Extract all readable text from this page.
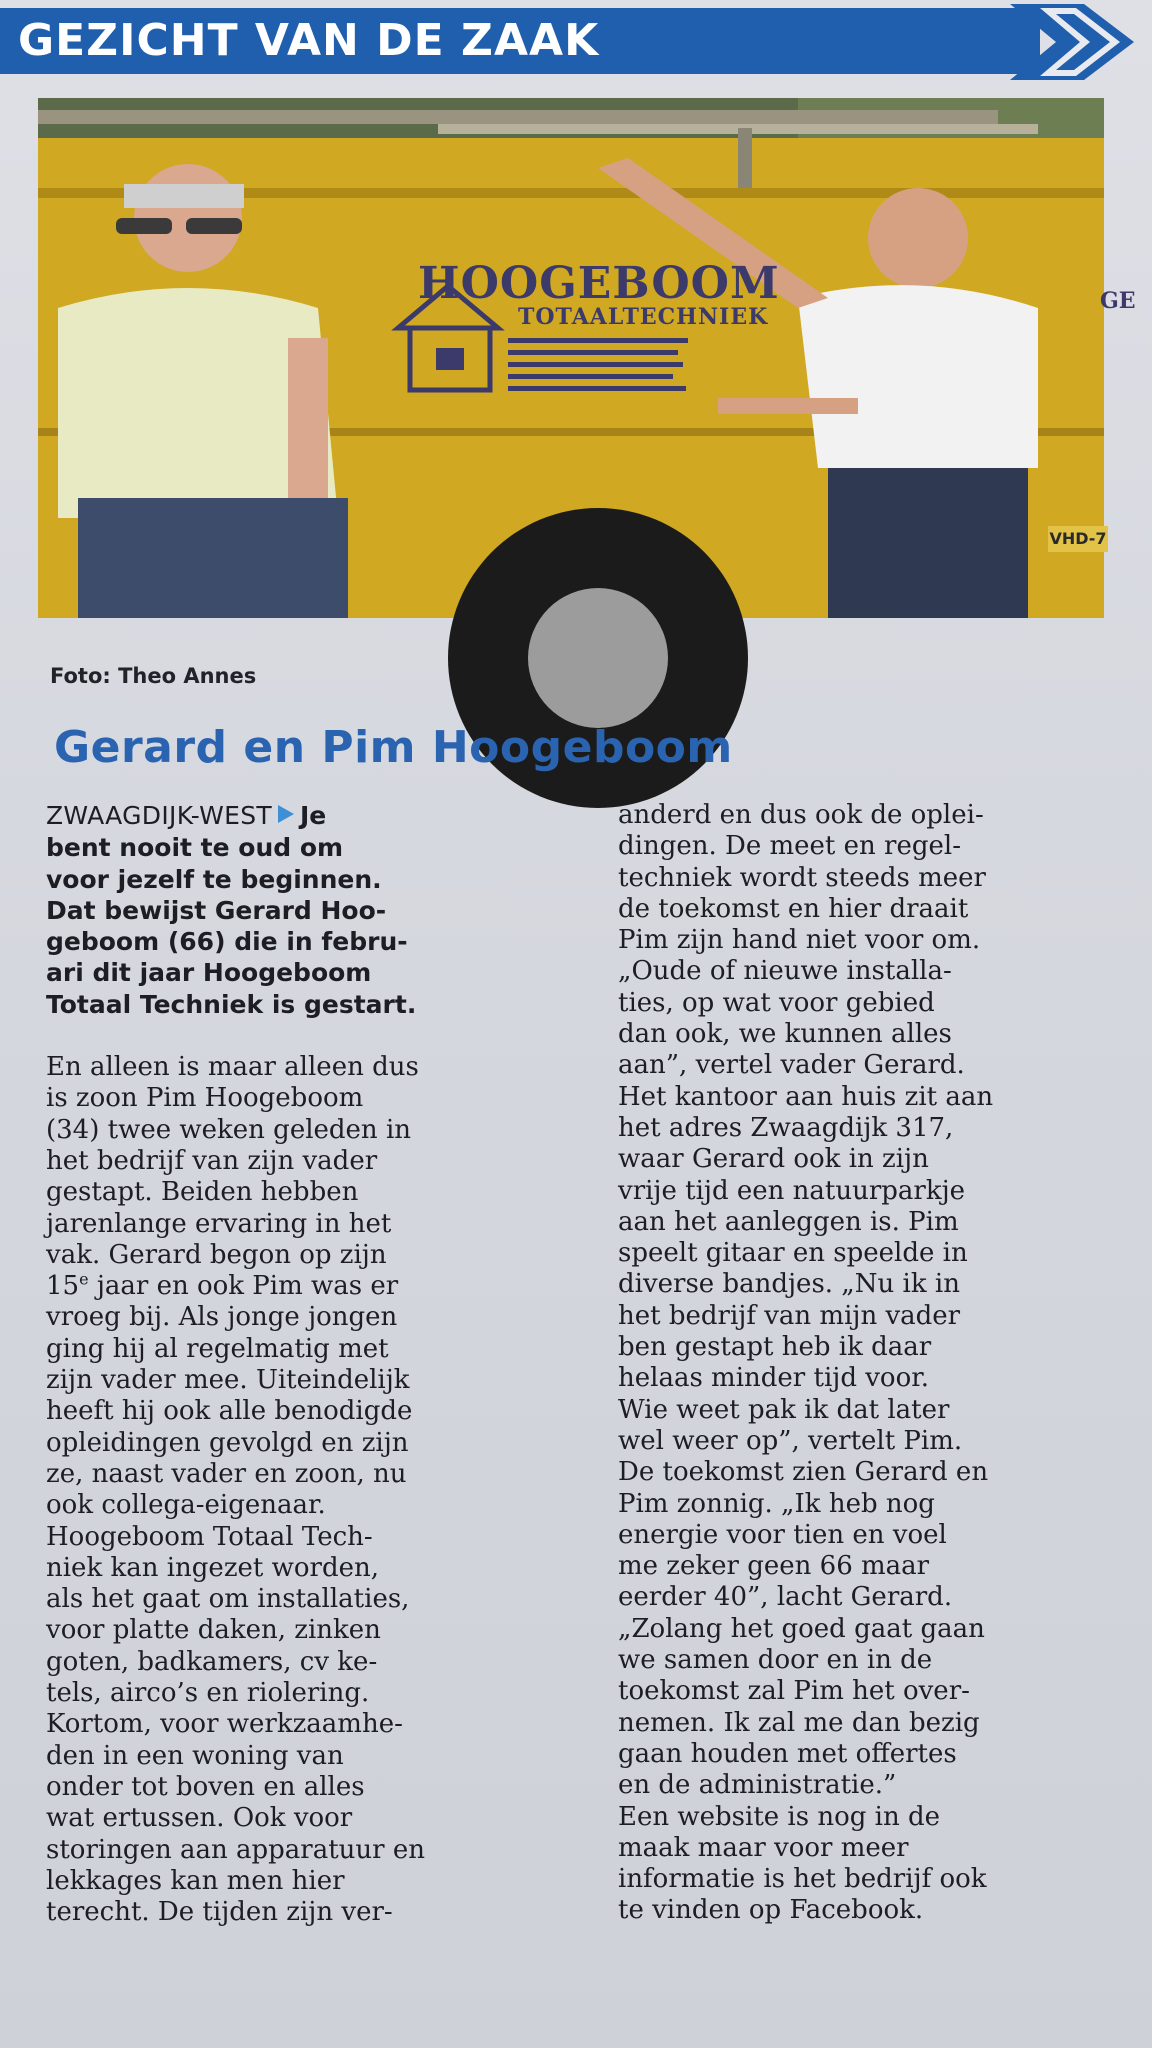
GEZICHT VAN DE ZAAK
HOOGEBOOM
TOTAALTECHNIEK
GE
VHD-7
Foto: Theo Annes
Gerard en Pim Hoogeboom

ZWAAGDIJK-WEST Je

bent nooit te oud om

voor jezelf te beginnen.

Dat bewijst Gerard Hoo-

geboom (66) die in febru-

ari dit jaar Hoogeboom

Totaal Techniek is gestart.

En alleen is maar alleen dus

is zoon Pim Hoogeboom

(34) twee weken geleden in

het bedrijf van zijn vader

gestapt. Beiden hebben

jarenlange ervaring in het

vak. Gerard begon op zijn

15e jaar en ook Pim was er

vroeg bij. Als jonge jongen

ging hij al regelmatig met

zijn vader mee. Uiteindelijk

heeft hij ook alle benodigde

opleidingen gevolgd en zijn

ze, naast vader en zoon, nu

ook collega-eigenaar.

Hoogeboom Totaal Tech-

niek kan ingezet worden,

als het gaat om installaties,

voor platte daken, zinken

goten, badkamers, cv ke-

tels, airco’s en riolering.

Kortom, voor werkzaamhe-

den in een woning van

onder tot boven en alles

wat ertussen. Ook voor

storingen aan apparatuur en

lekkages kan men hier

terecht. De tijden zijn ver-

anderd en dus ook de oplei-

dingen. De meet en regel-

techniek wordt steeds meer

de toekomst en hier draait

Pim zijn hand niet voor om.

„Oude of nieuwe installa-

ties, op wat voor gebied

dan ook, we kunnen alles

aan”, vertel vader Gerard.

Het kantoor aan huis zit aan

het adres Zwaagdijk 317,

waar Gerard ook in zijn

vrije tijd een natuurparkje

aan het aanleggen is. Pim

speelt gitaar en speelde in

diverse bandjes. „Nu ik in

het bedrijf van mijn vader

ben gestapt heb ik daar

helaas minder tijd voor.

Wie weet pak ik dat later

wel weer op”, vertelt Pim.

De toekomst zien Gerard en

Pim zonnig. „Ik heb nog

energie voor tien en voel

me zeker geen 66 maar

eerder 40”, lacht Gerard.

„Zolang het goed gaat gaan

we samen door en in de

toekomst zal Pim het over-

nemen. Ik zal me dan bezig

gaan houden met offertes

en de administratie.”

Een website is nog in de

maak maar voor meer

informatie is het bedrijf ook

te vinden op Facebook.
